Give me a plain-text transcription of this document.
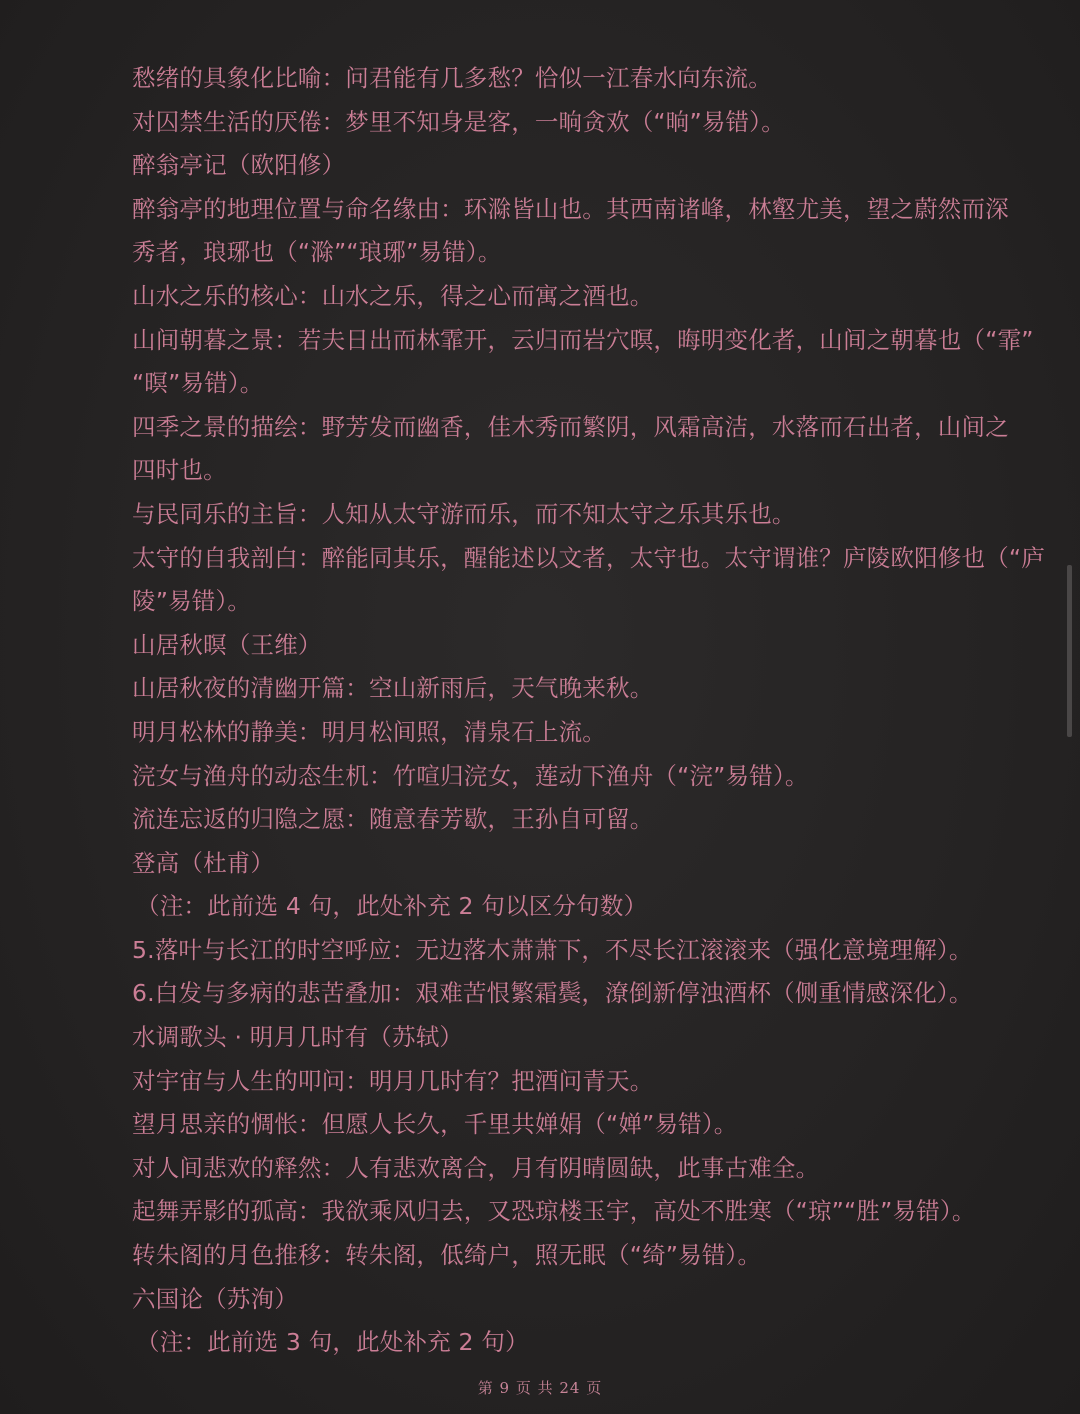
愁绪的具象化比喻：问君能有几多愁？恰似一江春水向东流。
对囚禁生活的厌倦：梦里不知身是客，一晌贪欢（“晌”易错）。
醉翁亭记（欧阳修）
醉翁亭的地理位置与命名缘由：环滁皆山也。其西南诸峰，林壑尤美，望之蔚然而深
秀者，琅琊也（“滁”“琅琊”易错）。
山水之乐的核心：山水之乐，得之心而寓之酒也。
山间朝暮之景：若夫日出而林霏开，云归而岩穴暝，晦明变化者，山间之朝暮也（“霏”
“暝”易错）。
四季之景的描绘：野芳发而幽香，佳木秀而繁阴，风霜高洁，水落而石出者，山间之
四时也。
与民同乐的主旨：人知从太守游而乐，而不知太守之乐其乐也。
太守的自我剖白：醉能同其乐，醒能述以文者，太守也。太守谓谁？庐陵欧阳修也（“庐
陵”易错）。
山居秋暝（王维）
山居秋夜的清幽开篇：空山新雨后，天气晚来秋。
明月松林的静美：明月松间照，清泉石上流。
浣女与渔舟的动态生机：竹喧归浣女，莲动下渔舟（“浣”易错）。
流连忘返的归隐之愿：随意春芳歇，王孙自可留。
登高（杜甫）
（注：此前选 4 句，此处补充 2 句以区分句数）
5.落叶与长江的时空呼应：无边落木萧萧下，不尽长江滚滚来（强化意境理解）。
6.白发与多病的悲苦叠加：艰难苦恨繁霜鬓，潦倒新停浊酒杯（侧重情感深化）。
水调歌头 · 明月几时有（苏轼）
对宇宙与人生的叩问：明月几时有？把酒问青天。
望月思亲的惆怅：但愿人长久，千里共婵娟（“婵”易错）。
对人间悲欢的释然：人有悲欢离合，月有阴晴圆缺，此事古难全。
起舞弄影的孤高：我欲乘风归去，又恐琼楼玉宇，高处不胜寒（“琼”“胜”易错）。
转朱阁的月色推移：转朱阁，低绮户，照无眠（“绮”易错）。
六国论（苏洵）
（注：此前选 3 句，此处补充 2 句）
第 9 页 共 24 页
